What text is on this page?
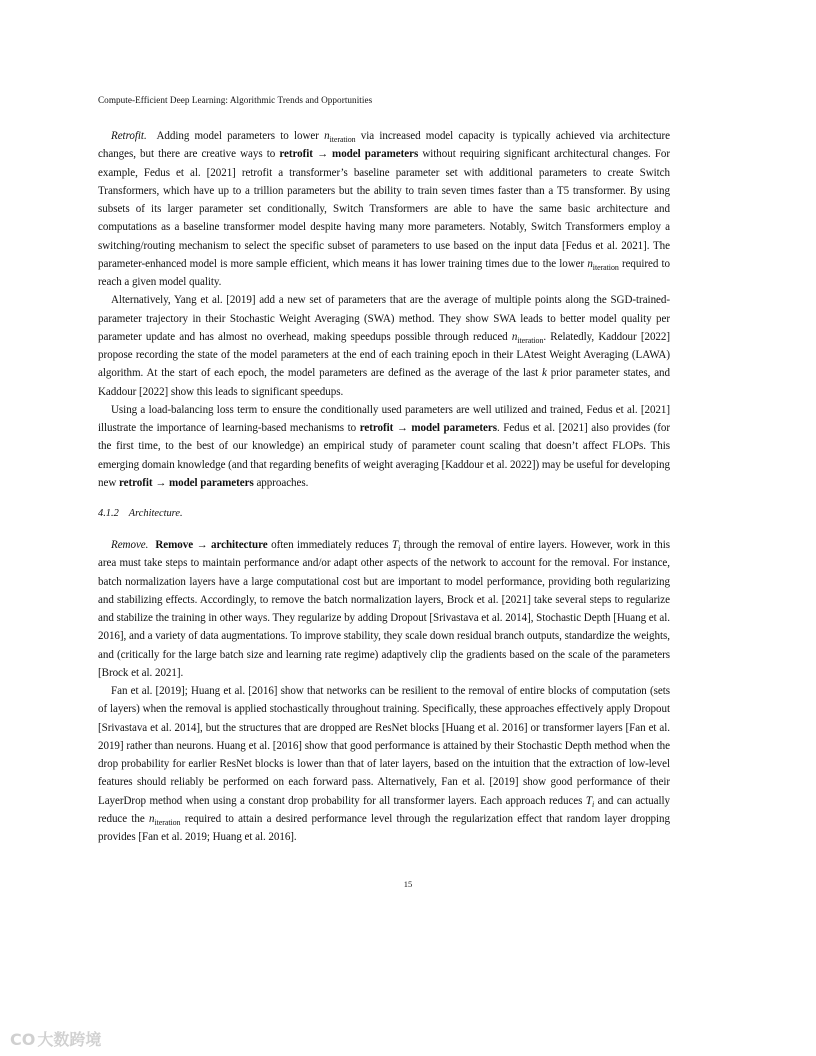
Compute-Efficient Deep Learning: Algorithmic Trends and Opportunities

Retrofit. Adding model parameters to lower $n_{iteration}$ via increased model capacity is typically achieved via architecture changes, but there are creative ways to retrofit → model parameters without requiring significant architectural changes. For example, Fedus et al. [2021] retrofit a transformer’s baseline parameter set with additional parameters to create Switch Transformers, which have up to a trillion parameters but the ability to train seven times faster than a T5 transformer. By using subsets of its larger parameter set conditionally, Switch Transformers are able to have the same basic architecture and computations as a baseline transformer model despite having many more parameters. Notably, Switch Transformers employ a switching/routing mechanism to select the specific subset of parameters to use based on the input data [Fedus et al. 2021]. The parameter-enhanced model is more sample efficient, which means it has lower training times due to the lower $n_{iteration}$ required to reach a given model quality.

Alternatively, Yang et al. [2019] add a new set of parameters that are the average of multiple points along the SGD-trained-parameter trajectory in their Stochastic Weight Averaging (SWA) method. They show SWA leads to better model quality per parameter update and has almost no overhead, making speedups possible through reduced $n_{iteration}$. Relatedly, Kaddour [2022] propose recording the state of the model parameters at the end of each training epoch in their LAtest Weight Averaging (LAWA) algorithm. At the start of each epoch, the model parameters are defined as the average of the last k prior parameter states, and Kaddour [2022] show this leads to significant speedups.

Using a load-balancing loss term to ensure the conditionally used parameters are well utilized and trained, Fedus et al. [2021] illustrate the importance of learning-based mechanisms to retrofit → model parameters. Fedus et al. [2021] also provides (for the first time, to the best of our knowledge) an empirical study of parameter count scaling that doesn’t affect FLOPs. This emerging domain knowledge (and that regarding benefits of weight averaging [Kaddour et al. 2022]) may be useful for developing new retrofit → model parameters approaches.

4.1.2 Architecture.

Remove. Remove → architecture often immediately reduces $T_i$ through the removal of entire layers. However, work in this area must take steps to maintain performance and/or adapt other aspects of the network to account for the removal. For instance, batch normalization layers have a large computational cost but are important to model performance, providing both regularizing and stabilizing effects. Accordingly, to remove the batch normalization layers, Brock et al. [2021] take several steps to regularize and stabilize the training in other ways. They regularize by adding Dropout [Srivastava et al. 2014], Stochastic Depth [Huang et al. 2016], and a variety of data augmentations. To improve stability, they scale down residual branch outputs, standardize the weights, and (critically for the large batch size and learning rate regime) adaptively clip the gradients based on the scale of the parameters [Brock et al. 2021].

Fan et al. [2019]; Huang et al. [2016] show that networks can be resilient to the removal of entire blocks of computation (sets of layers) when the removal is applied stochastically throughout training. Specifically, these approaches effectively apply Dropout [Srivastava et al. 2014], but the structures that are dropped are ResNet blocks [Huang et al. 2016] or transformer layers [Fan et al. 2019] rather than neurons. Huang et al. [2016] show that good performance is attained by their Stochastic Depth method when the drop probability for earlier ResNet blocks is lower than that of later layers, based on the intuition that the extraction of low-level features should reliably be performed on each forward pass. Alternatively, Fan et al. [2019] show good performance of their LayerDrop method when using a constant drop probability for all transformer layers. Each approach reduces $T_i$ and can actually reduce the $n_{iteration}$ required to attain a desired performance level through the regularization effect that random layer dropping provides [Fan et al. 2019; Huang et al. 2016].

15
CO 大数跨境
